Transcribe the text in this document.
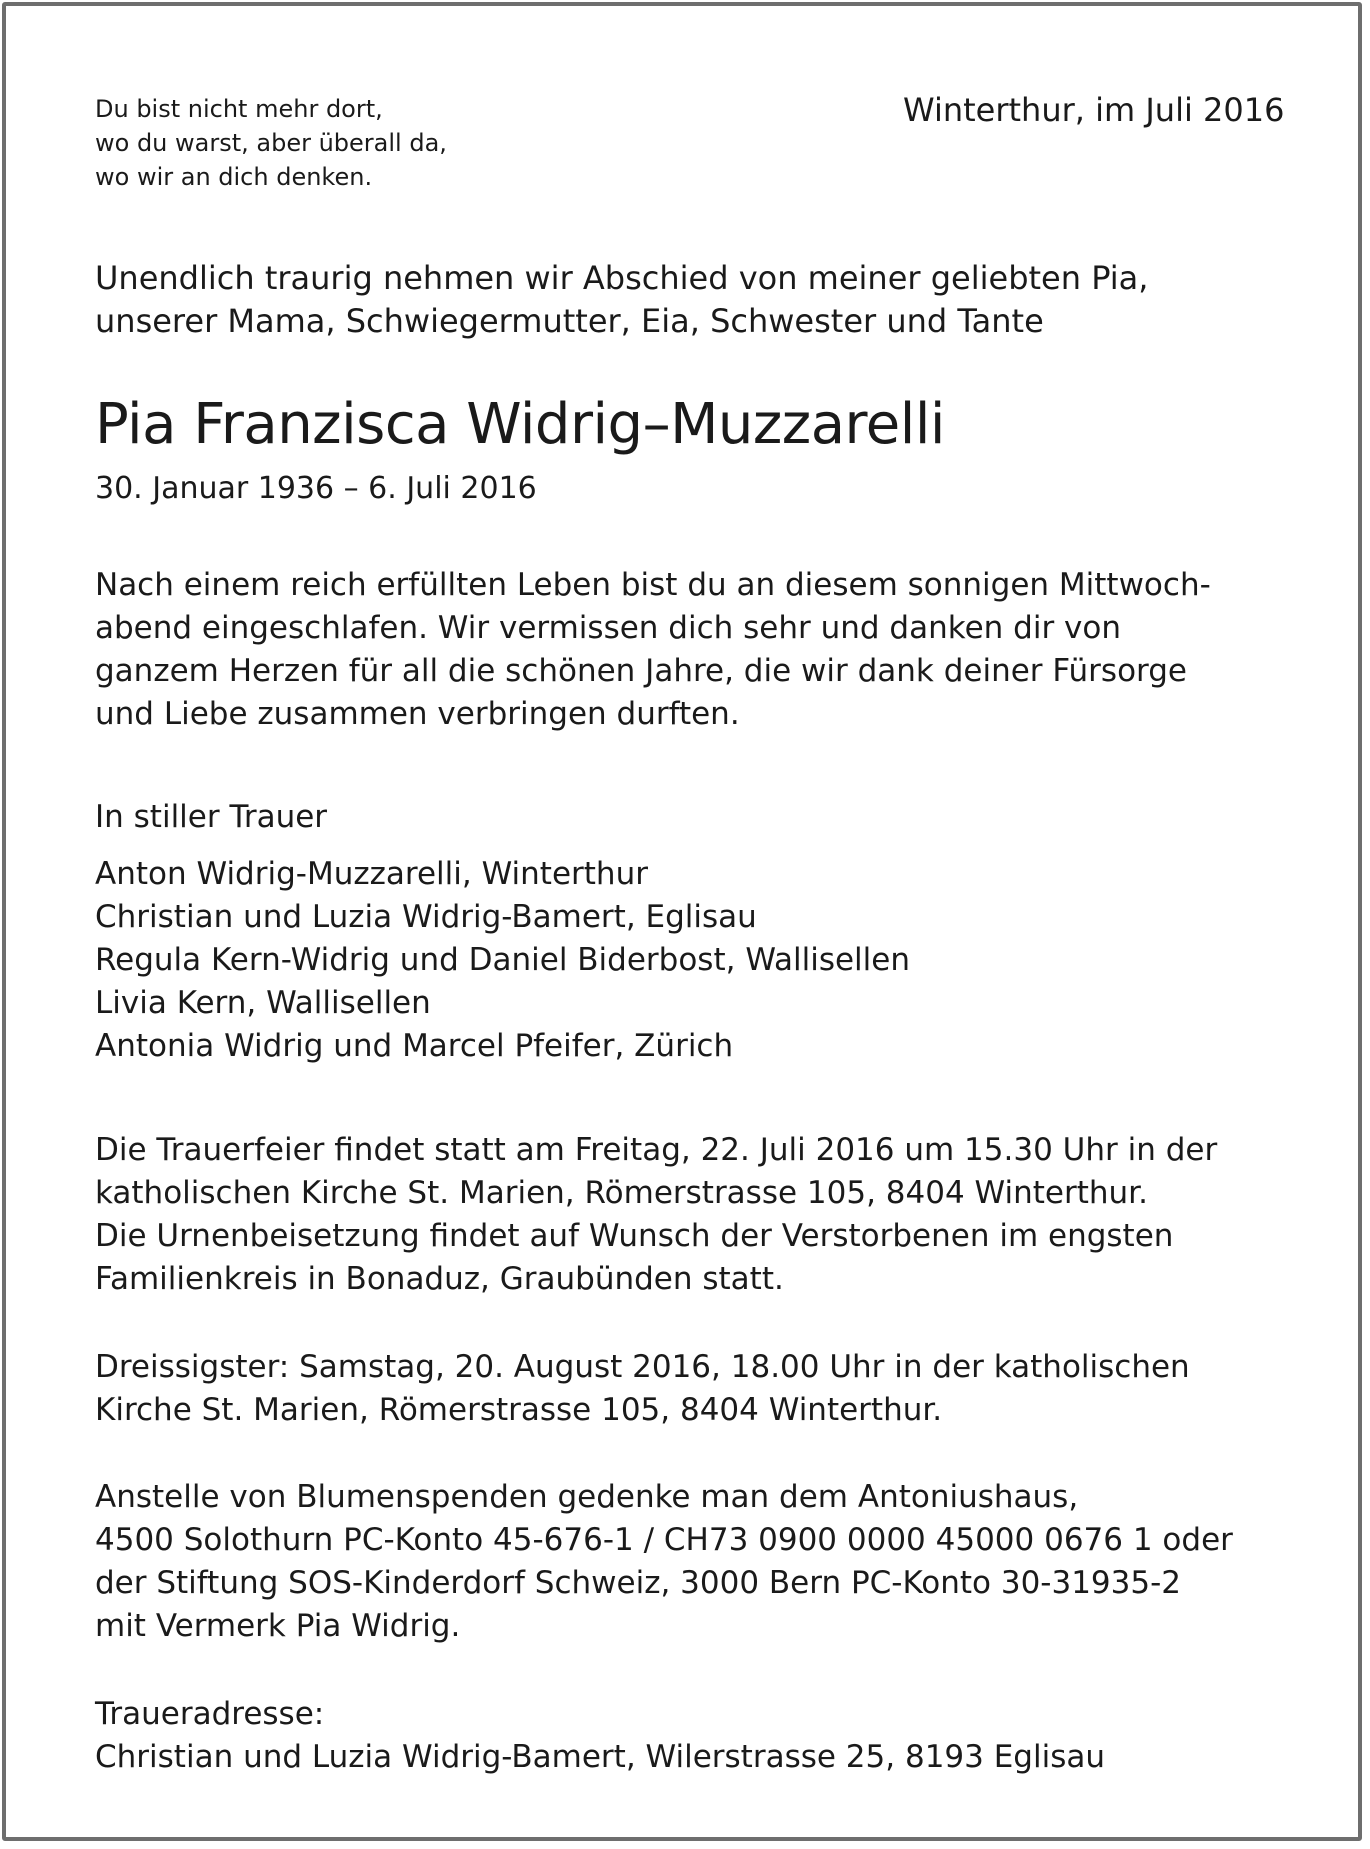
Du bist nicht mehr dort,
wo du warst, aber überall da,
wo wir an dich denken.
Winterthur, im Juli 2016
Unendlich traurig nehmen wir Abschied von meiner geliebten Pia,
unserer Mama, Schwiegermutter, Eia, Schwester und Tante
Pia Franzisca Widrig–Muzzarelli
30. Januar 1936 – 6. Juli 2016
Nach einem reich erfüllten Leben bist du an diesem sonnigen Mittwoch-
abend eingeschlafen. Wir vermissen dich sehr und danken dir von
ganzem Herzen für all die schönen Jahre, die wir dank deiner Fürsorge
und Liebe zusammen verbringen durften.
In stiller Trauer
Anton Widrig-Muzzarelli, Winterthur
Christian und Luzia Widrig-Bamert, Eglisau
Regula Kern-Widrig und Daniel Biderbost, Wallisellen
Livia Kern, Wallisellen
Antonia Widrig und Marcel Pfeifer, Zürich
Die Trauerfeier findet statt am Freitag, 22. Juli 2016 um 15.30 Uhr in der
katholischen Kirche St. Marien, Römerstrasse 105, 8404 Winterthur.
Die Urnenbeisetzung findet auf Wunsch der Verstorbenen im engsten
Familienkreis in Bonaduz, Graubünden statt.
Dreissigster: Samstag, 20. August 2016, 18.00 Uhr in der katholischen
Kirche St. Marien, Römerstrasse 105, 8404 Winterthur.
Anstelle von Blumenspenden gedenke man dem Antoniushaus,
4500 Solothurn PC-Konto 45-676-1 / CH73 0900 0000 45000 0676 1 oder
der Stiftung SOS-Kinderdorf Schweiz, 3000 Bern PC-Konto 30-31935-2
mit Vermerk Pia Widrig.
Traueradresse:
Christian und Luzia Widrig-Bamert, Wilerstrasse 25, 8193 Eglisau
